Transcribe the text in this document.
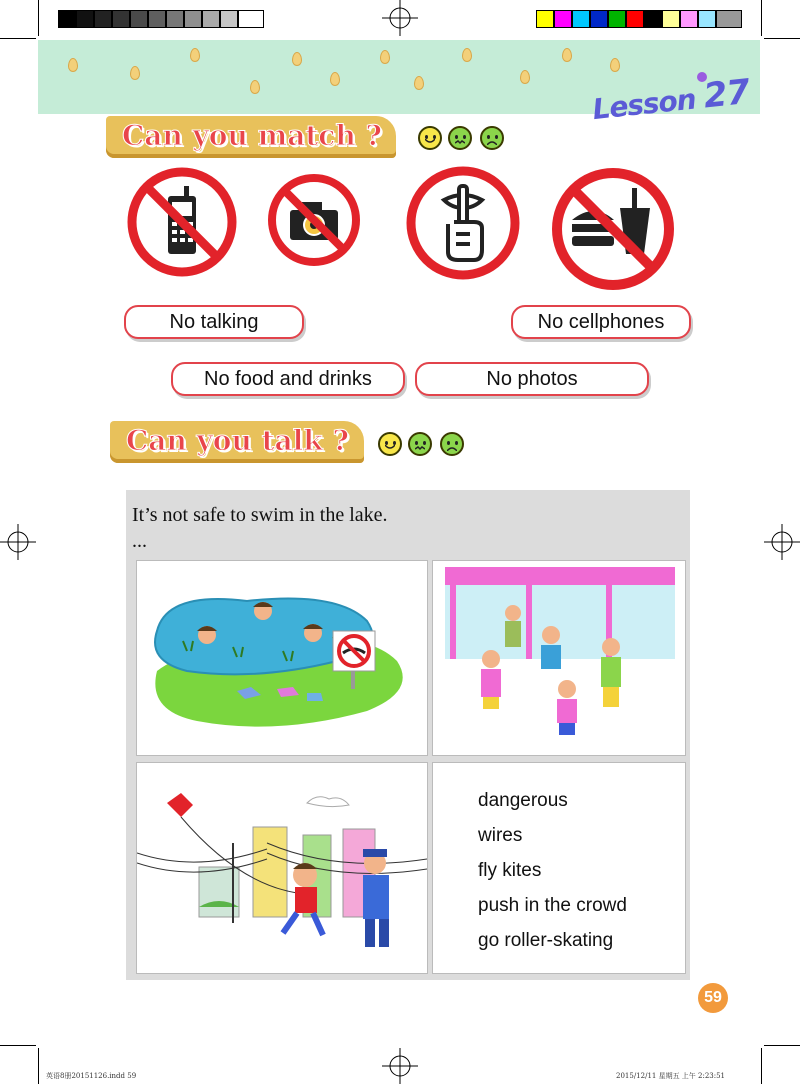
Lesson 27
Can you match ?
No talking	No cellphones
No food and drinks	No photos
Can you talk ?
It’s not safe to swim in the lake.
...
dangerous
wires
fly kites
push in the crowd
go roller-skating
59
英语8册20151126.indd 59	2015/12/11 星期五 上午 2:23:51
